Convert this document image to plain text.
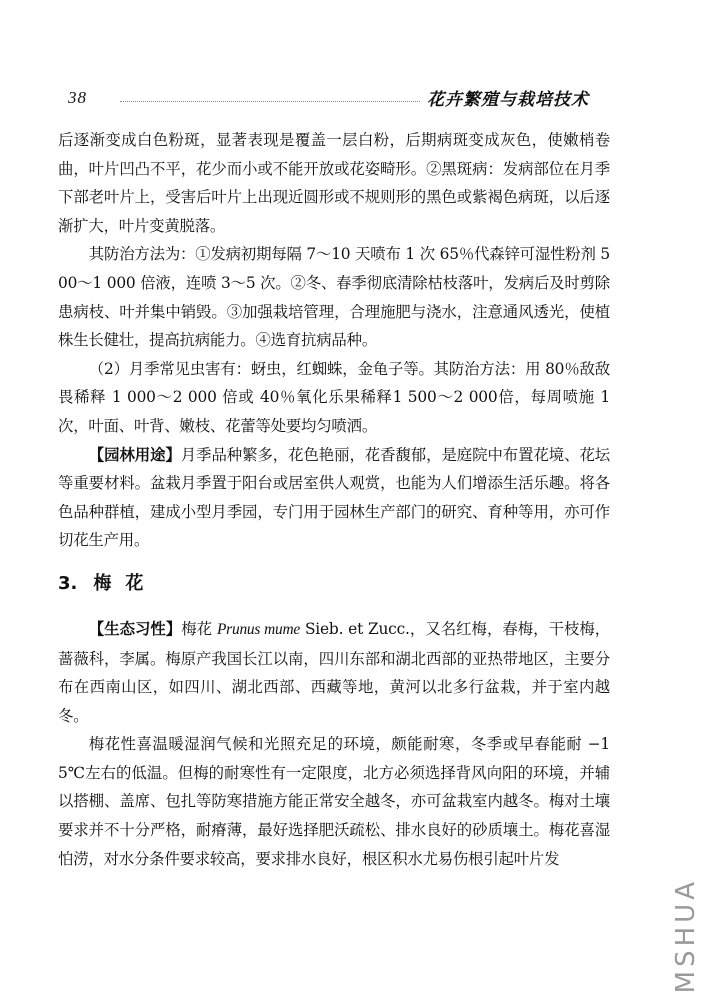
38	花卉繁殖与栽培技术

后逐渐变成白色粉斑，显著表现是覆盖一层白粉，后期病斑变成灰色，使嫩梢卷曲，叶片凹凸不平，花少而小或不能开放或花姿畸形。②黑斑病：发病部位在月季下部老叶片上，受害后叶片上出现近圆形或不规则形的黑色或紫褐色病斑，以后逐渐扩大，叶片变黄脱落。

其防治方法为：①发病初期每隔 7～10 天喷布 1 次 65％代森锌可湿性粉剂 500～1 000 倍液，连喷 3～5 次。②冬、春季彻底清除枯枝落叶，发病后及时剪除患病枝、叶并集中销毁。③加强栽培管理，合理施肥与浇水，注意通风透光，使植株生长健壮，提高抗病能力。④选育抗病品种。

（2）月季常见虫害有：蚜虫，红蜘蛛，金龟子等。其防治方法：用 80％敌敌畏稀释 1 000～2 000 倍或 40％氧化乐果稀释1 500～2 000倍，每周喷施 1 次，叶面、叶背、嫩枝、花蕾等处要均匀喷洒。

【园林用途】月季品种繁多，花色艳丽，花香馥郁，是庭院中布置花境、花坛等重要材料。盆栽月季置于阳台或居室供人观赏，也能为人们增添生活乐趣。将各色品种群植，建成小型月季园，专门用于园林生产部门的研究、育种等用，亦可作切花生产用。

3. 梅花

【生态习性】梅花 Prunus mume Sieb. et Zucc.，又名红梅，春梅，干枝梅，蔷薇科，李属。梅原产我国长江以南，四川东部和湖北西部的亚热带地区，主要分布在西南山区，如四川、湖北西部、西藏等地，黄河以北多行盆栽，并于室内越冬。

梅花性喜温暖湿润气候和光照充足的环境，颇能耐寒，冬季或早春能耐 −15℃左右的低温。但梅的耐寒性有一定限度，北方必须选择背风向阳的环境，并辅以搭棚、盖席、包扎等防寒措施方能正常安全越冬，亦可盆栽室内越冬。梅对土壤要求并不十分严格，耐瘠薄，最好选择肥沃疏松、排水良好的砂质壤土。梅花喜湿怕涝，对水分条件要求较高，要求排水良好，根区积水尤易伤根引起叶片发

MSHUA
